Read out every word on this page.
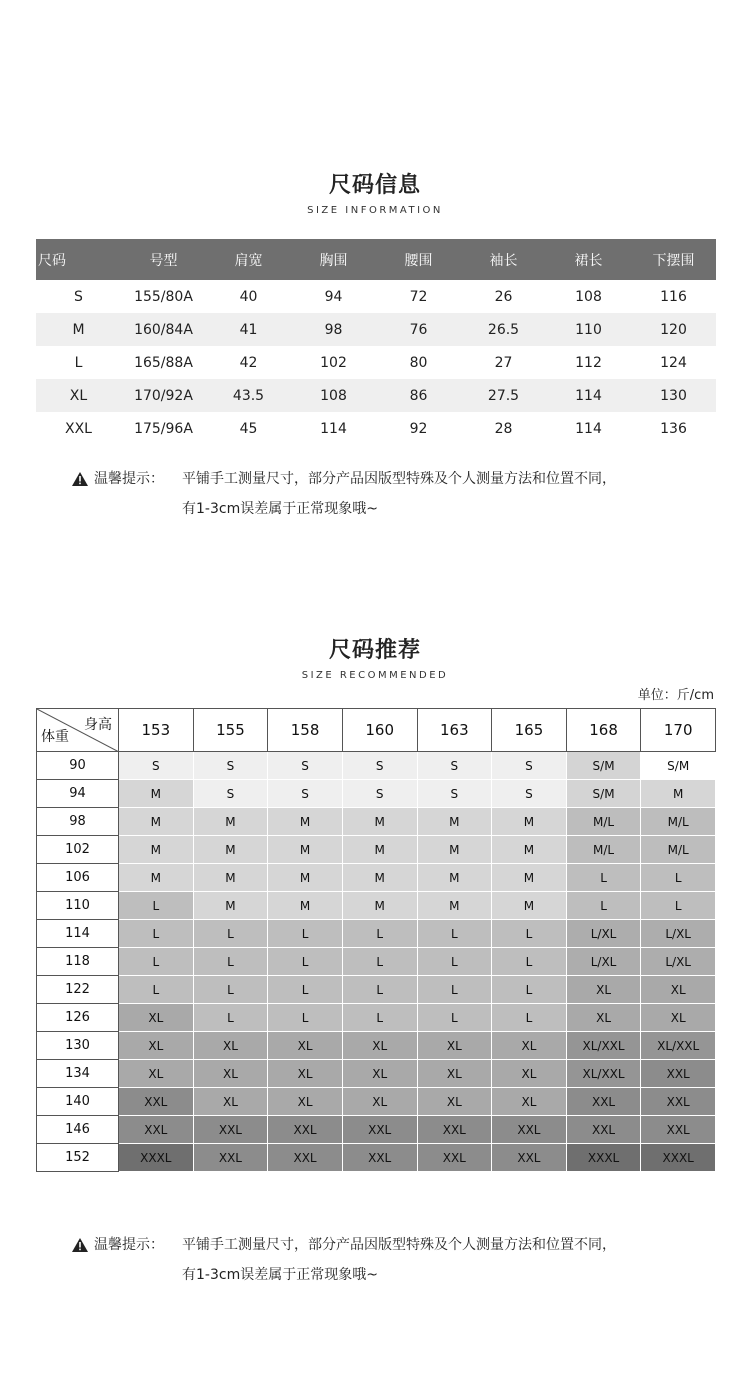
尺码信息
SIZE INFORMATION
尺码	号型	肩宽	胸围	腰围	袖长	裙长	下摆围
S	155/80A	40	94	72	26	108	116
M	160/84A	41	98	76	26.5	110	120
L	165/88A	42	102	80	27	112	124
XL	170/92A	43.5	108	86	27.5	114	130
XXL	175/96A	45	114	92	28	114	136
温馨提示：	平铺手工测量尺寸，部分产品因版型特殊及个人测量方法和位置不同，
有1-3cm误差属于正常现象哦~
尺码推荐
SIZE RECOMMENDED
单位：斤/cm
身高
体重	153	155	158	160	163	165	168	170
90	S	S	S	S	S	S	S/M	S/M
94	M	S	S	S	S	S	S/M	M
98	M	M	M	M	M	M	M/L	M/L
102	M	M	M	M	M	M	M/L	M/L
106	M	M	M	M	M	M	L	L
110	L	M	M	M	M	M	L	L
114	L	L	L	L	L	L	L/XL	L/XL
118	L	L	L	L	L	L	L/XL	L/XL
122	L	L	L	L	L	L	XL	XL
126	XL	L	L	L	L	L	XL	XL
130	XL	XL	XL	XL	XL	XL	XL/XXL	XL/XXL
134	XL	XL	XL	XL	XL	XL	XL/XXL	XXL
140	XXL	XL	XL	XL	XL	XL	XXL	XXL
146	XXL	XXL	XXL	XXL	XXL	XXL	XXL	XXL
152	XXXL	XXL	XXL	XXL	XXL	XXL	XXXL	XXXL
温馨提示：	平铺手工测量尺寸，部分产品因版型特殊及个人测量方法和位置不同，
有1-3cm误差属于正常现象哦~
